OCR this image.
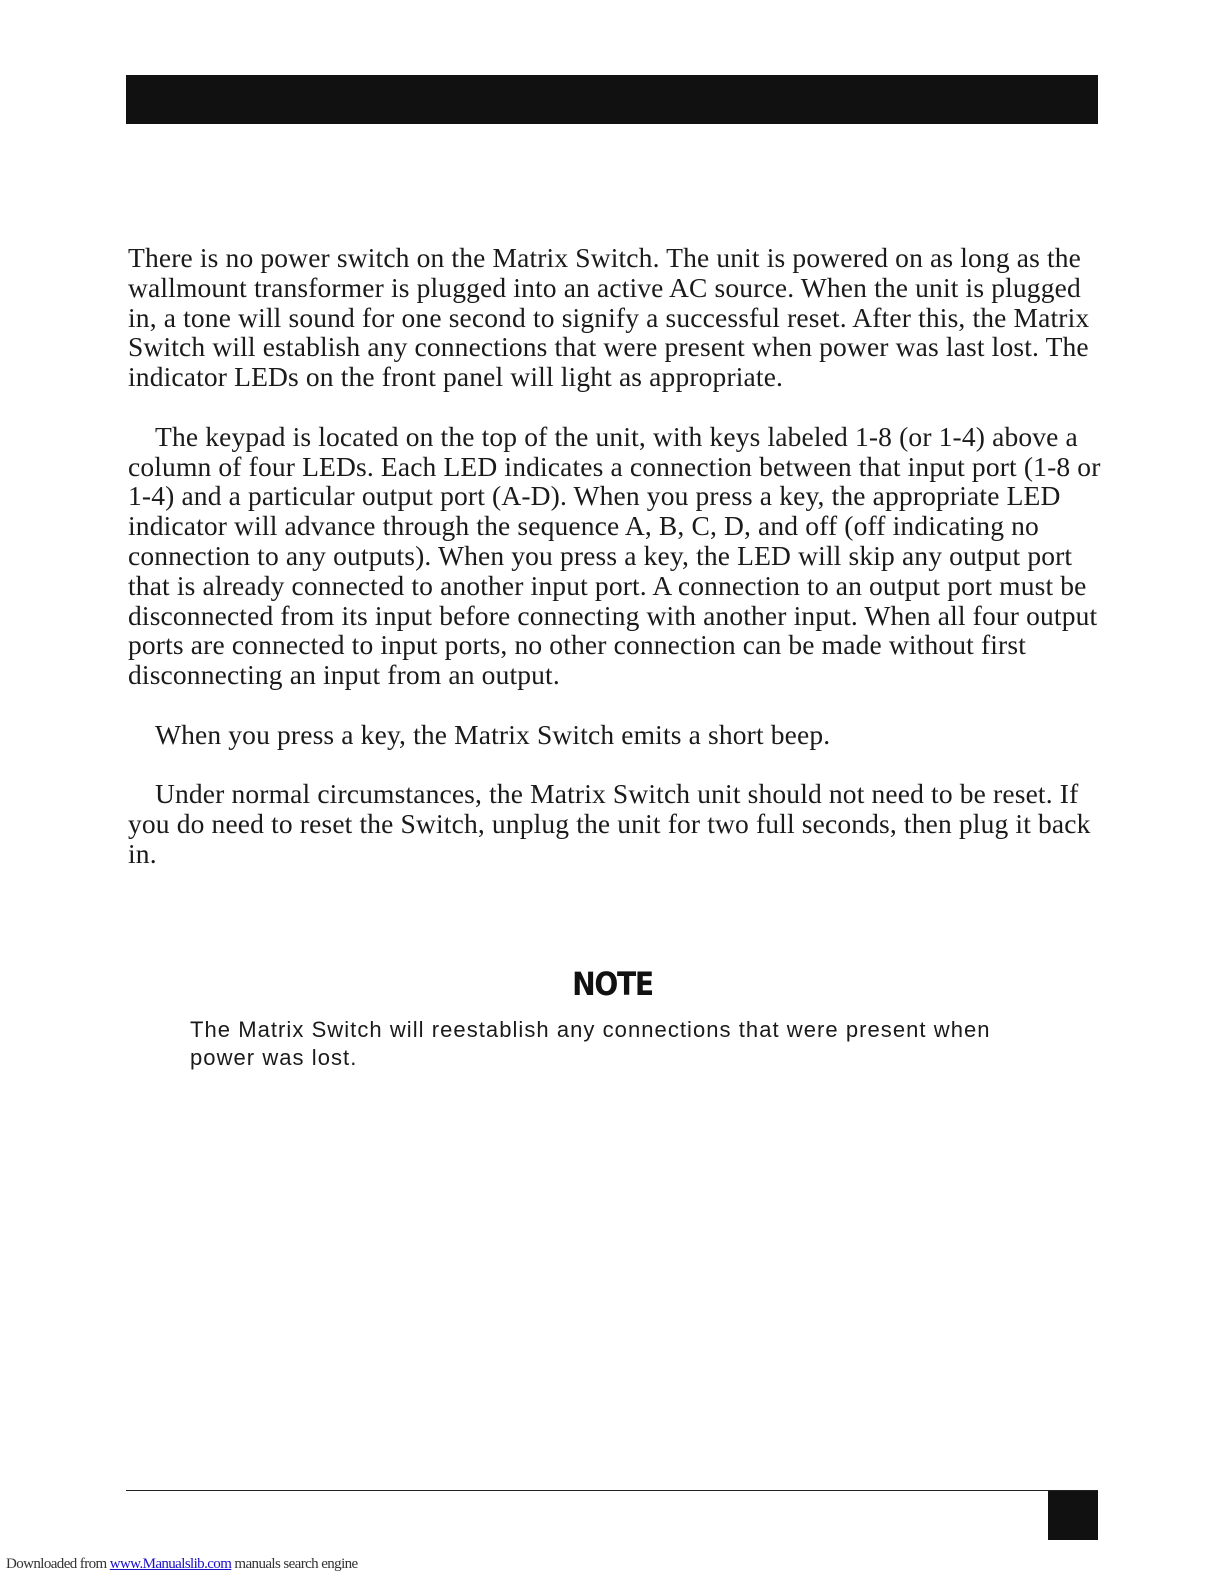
There is no power switch on the Matrix Switch. The unit is powered on as long as the wallmount transformer is plugged into an active AC source. When the unit is plugged in, a tone will sound for one second to signify a successful reset. After this, the Matrix Switch will establish any connections that were present when power was last lost. The indicator LEDs on the front panel will light as appropriate.

The keypad is located on the top of the unit, with keys labeled 1-8 (or 1-4) above a column of four LEDs. Each LED indicates a connection between that input port (1-8 or 1-4) and a particular output port (A-D). When you press a key, the appropriate LED indicator will advance through the sequence A, B, C, D, and off (off indicating no connection to any outputs). When you press a key, the LED will skip any output port that is already connected to another input port. A connection to an output port must be disconnected from its input before connecting with another input. When all four output ports are connected to input ports, no other connection can be made without first disconnecting an input from an output.

When you press a key, the Matrix Switch emits a short beep.

Under normal circumstances, the Matrix Switch unit should not need to be reset. If you do need to reset the Switch, unplug the unit for two full seconds, then plug it back in.

NOTE
The Matrix Switch will reestablish any connections that were present when power was lost.
Downloaded from www.Manualslib.com manuals search engine
